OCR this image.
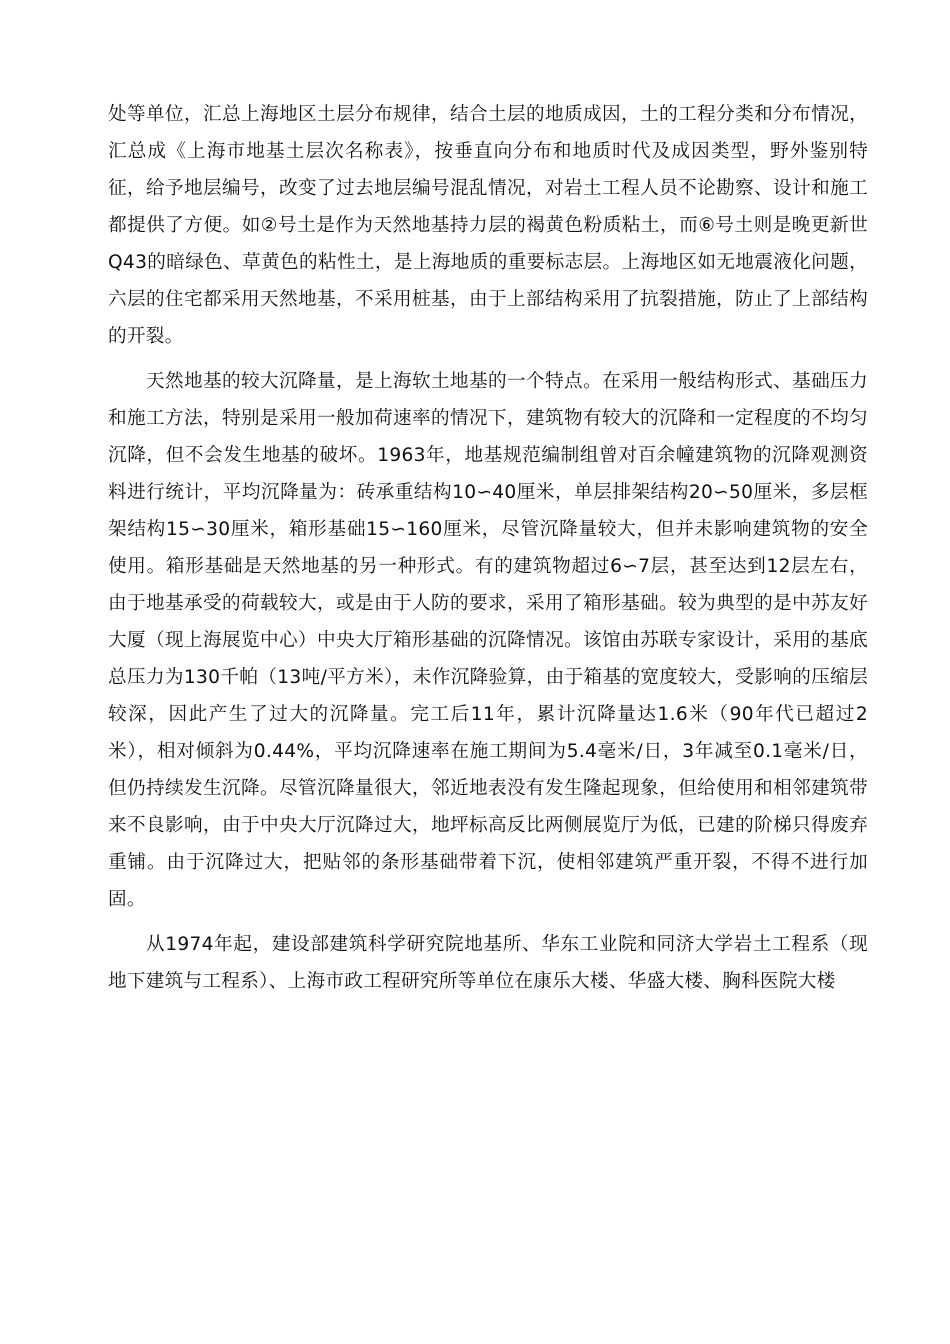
处等单位，汇总上海地区土层分布规律，结合土层的地质成因，土的工程分类和分布情况，汇总成《上海市地基土层次名称表》，按垂直向分布和地质时代及成因类型，野外鉴别特征，给予地层编号，改变了过去地层编号混乱情况，对岩土工程人员不论勘察、设计和施工都提供了方便。如②号土是作为天然地基持力层的褐黄色粉质粘土，而⑥号土则是晚更新世Q43的暗绿色、草黄色的粘性土，是上海地质的重要标志层。上海地区如无地震液化问题，六层的住宅都采用天然地基，不采用桩基，由于上部结构采用了抗裂措施，防止了上部结构的开裂。

天然地基的较大沉降量，是上海软土地基的一个特点。在采用一般结构形式、基础压力和施工方法，特别是采用一般加荷速率的情况下，建筑物有较大的沉降和一定程度的不均匀沉降，但不会发生地基的破坏。1963年，地基规范编制组曾对百余幢建筑物的沉降观测资料进行统计，平均沉降量为：砖承重结构10∽40厘米，单层排架结构20∽50厘米，多层框架结构15∽30厘米，箱形基础15∽160厘米，尽管沉降量较大，但并未影响建筑物的安全使用。箱形基础是天然地基的另一种形式。有的建筑物超过6∽7层，甚至达到12层左右，由于地基承受的荷载较大，或是由于人防的要求，采用了箱形基础。较为典型的是中苏友好大厦（现上海展览中心）中央大厅箱形基础的沉降情况。该馆由苏联专家设计，采用的基底总压力为130千帕（13吨/平方米），未作沉降验算，由于箱基的宽度较大，受影响的压缩层较深，因此产生了过大的沉降量。完工后11年，累计沉降量达1.6米（90年代已超过2米），相对倾斜为0.44%，平均沉降速率在施工期间为5.4毫米/日，3年减至0.1毫米/日，但仍持续发生沉降。尽管沉降量很大，邻近地表没有发生隆起现象，但给使用和相邻建筑带来不良影响，由于中央大厅沉降过大，地坪标高反比两侧展览厅为低，已建的阶梯只得废弃重铺。由于沉降过大，把贴邻的条形基础带着下沉，使相邻建筑严重开裂，不得不进行加固。

从1974年起，建设部建筑科学研究院地基所、华东工业院和同济大学岩土工程系（现地下建筑与工程系）、上海市政工程研究所等单位在康乐大楼、华盛大楼、胸科医院大楼
